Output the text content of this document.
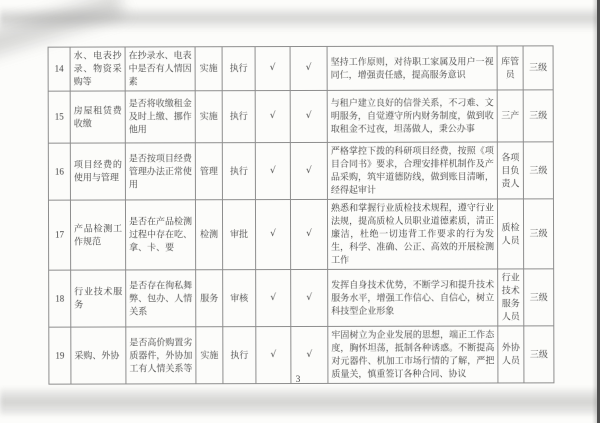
14	水、电表抄录、物资采购等	在抄录水、电表中是否有人情因素	实施	执行	√	√	坚持工作原则，对待职工家属及用户一视同仁，增强责任感，提高服务意识	库管员	三级
15	房屋租赁费收缴	是否将收缴租金及时上缴、挪作他用	实施	执行	√	√	与租户建立良好的信誉关系，不刁难、文明服务，自觉遵守所内财务制度，做到收取租金不过夜，坦荡做人，秉公办事	三产	三级
16	项目经费的使用与管理	是否按项目经费管理办法正常使用	管理	执行	√	√	严格掌控下拨的科研项目经费，按照《项目合同书》要求，合理安排样机制作及产品采购，筑牢道德防线，做到账目清晰，经得起审计	各项目负责人	三级
17	产品检测工作规范	是否在产品检测过程中存在吃、拿、卡、要	检测	审批	√	√	熟悉和掌握行业质检技术规程，遵守行业法规，提高质检人员职业道德素质，清正廉洁，杜绝一切违背工作要求的行为发生，科学、准确、公正、高效的开展检测工作	质检人员	三级
18	行业技术服务	是否存在徇私舞弊、包办、人情关系	服务	审核	√	√	发挥自身技术优势，不断学习和提升技术服务水平，增强工作信心、自信心，树立科技型企业形象	行业技术服务人员	三级
19	采购、外协	是否高价购置劣质器件，外协加工有人情关系等	实施	执行	√	√	牢固树立为企业发展的思想，端正工作态度，胸怀坦荡，抵制各种诱惑。不断提高对元器件、机加工市场行情的了解，严把质量关，慎重签订各种合同、协议	外协人员	三级
3
